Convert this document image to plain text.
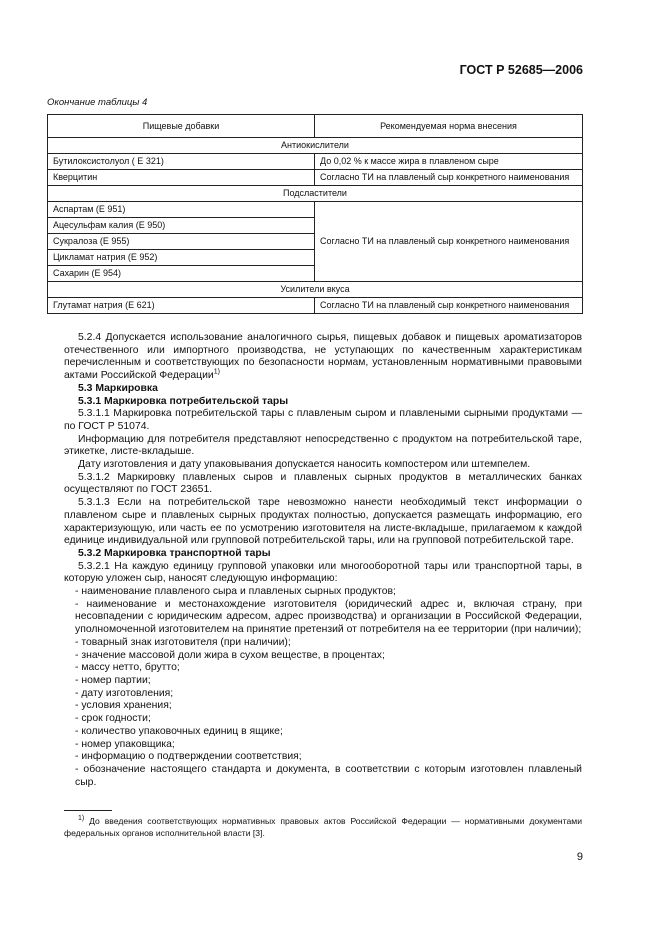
ГОСТ Р 52685—2006
Окончание таблицы 4
Пищевые добавки	Рекомендуемая норма внесения
Антиокислители	
Бутилоксистолуол ( Е 321)	До 0,02 % к массе жира в плавленом сыре
Кверцитин	Согласно ТИ на плавленый сыр конкретного наименования
Подсластители	
Аспартам (Е 951)	Согласно ТИ на плавленый сыр конкретного наименования
Ацесульфам калия (Е 950)	
Сукралоза (Е 955)	
Цикламат натрия (Е 952)	
Сахарин (Е 954)	
Усилители вкуса	
Глутамат натрия (Е 621)	Согласно ТИ на плавленый сыр конкретного наименования

5.2.4 Допускается использование аналогичного сырья, пищевых добавок и пищевых ароматизаторов отечественного или импортного производства, не уступающих по качественным характеристикам перечисленным и соответствующих по безопасности нормам, установленным нормативными правовыми актами Российской Федерации$^{1)}$

5.3 Маркировка

5.3.1 Маркировка потребительской тары

5.3.1.1 Маркировка потребительской тары с плавленым сыром и плавлеными сырными продуктами — по ГОСТ Р 51074.

Информацию для потребителя представляют непосредственно с продуктом на потребительской таре, этикетке, листе-вкладыше.

Дату изготовления и дату упаковывания допускается наносить компостером или штемпелем.

5.3.1.2 Маркировку плавленых сыров и плавленых сырных продуктов в металлических банках осуществляют по ГОСТ 23651.

5.3.1.3 Если на потребительской таре невозможно нанести необходимый текст информации о плавленом сыре и плавленых сырных продуктах полностью, допускается размещать информацию, его характеризующую, или часть ее по усмотрению изготовителя на листе-вкладыше, прилагаемом к каждой единице индивидуальной или групповой потребительской тары, или на групповой потребительской таре.

5.3.2 Маркировка транспортной тары

5.3.2.1 На каждую единицу групповой упаковки или многооборотной тары или транспортной тары, в которую уложен сыр, наносят следующую информацию:

- наименование плавленого сыра и плавленых сырных продуктов;

- наименование и местонахождение изготовителя (юридический адрес и, включая страну, при несовпадении с юридическим адресом, адрес производства) и организации в Российской Федерации, уполномоченной изготовителем на принятие претензий от потребителя на ее территории (при наличии);

- товарный знак изготовителя (при наличии);

- значение массовой доли жира в сухом веществе, в процентах;

- массу нетто, брутто;

- номер партии;

- дату изготовления;

- условия хранения;

- срок годности;

- количество упаковочных единиц в ящике;

- номер упаковщика;

- информацию о подтверждении соответствия;

- обозначение настоящего стандарта и документа, в соответствии с которым изготовлен плавленый сыр.

$^{1)}$ До введения соответствующих нормативных правовых актов Российской Федерации — нормативными документами федеральных органов исполнительной власти [3].
9
